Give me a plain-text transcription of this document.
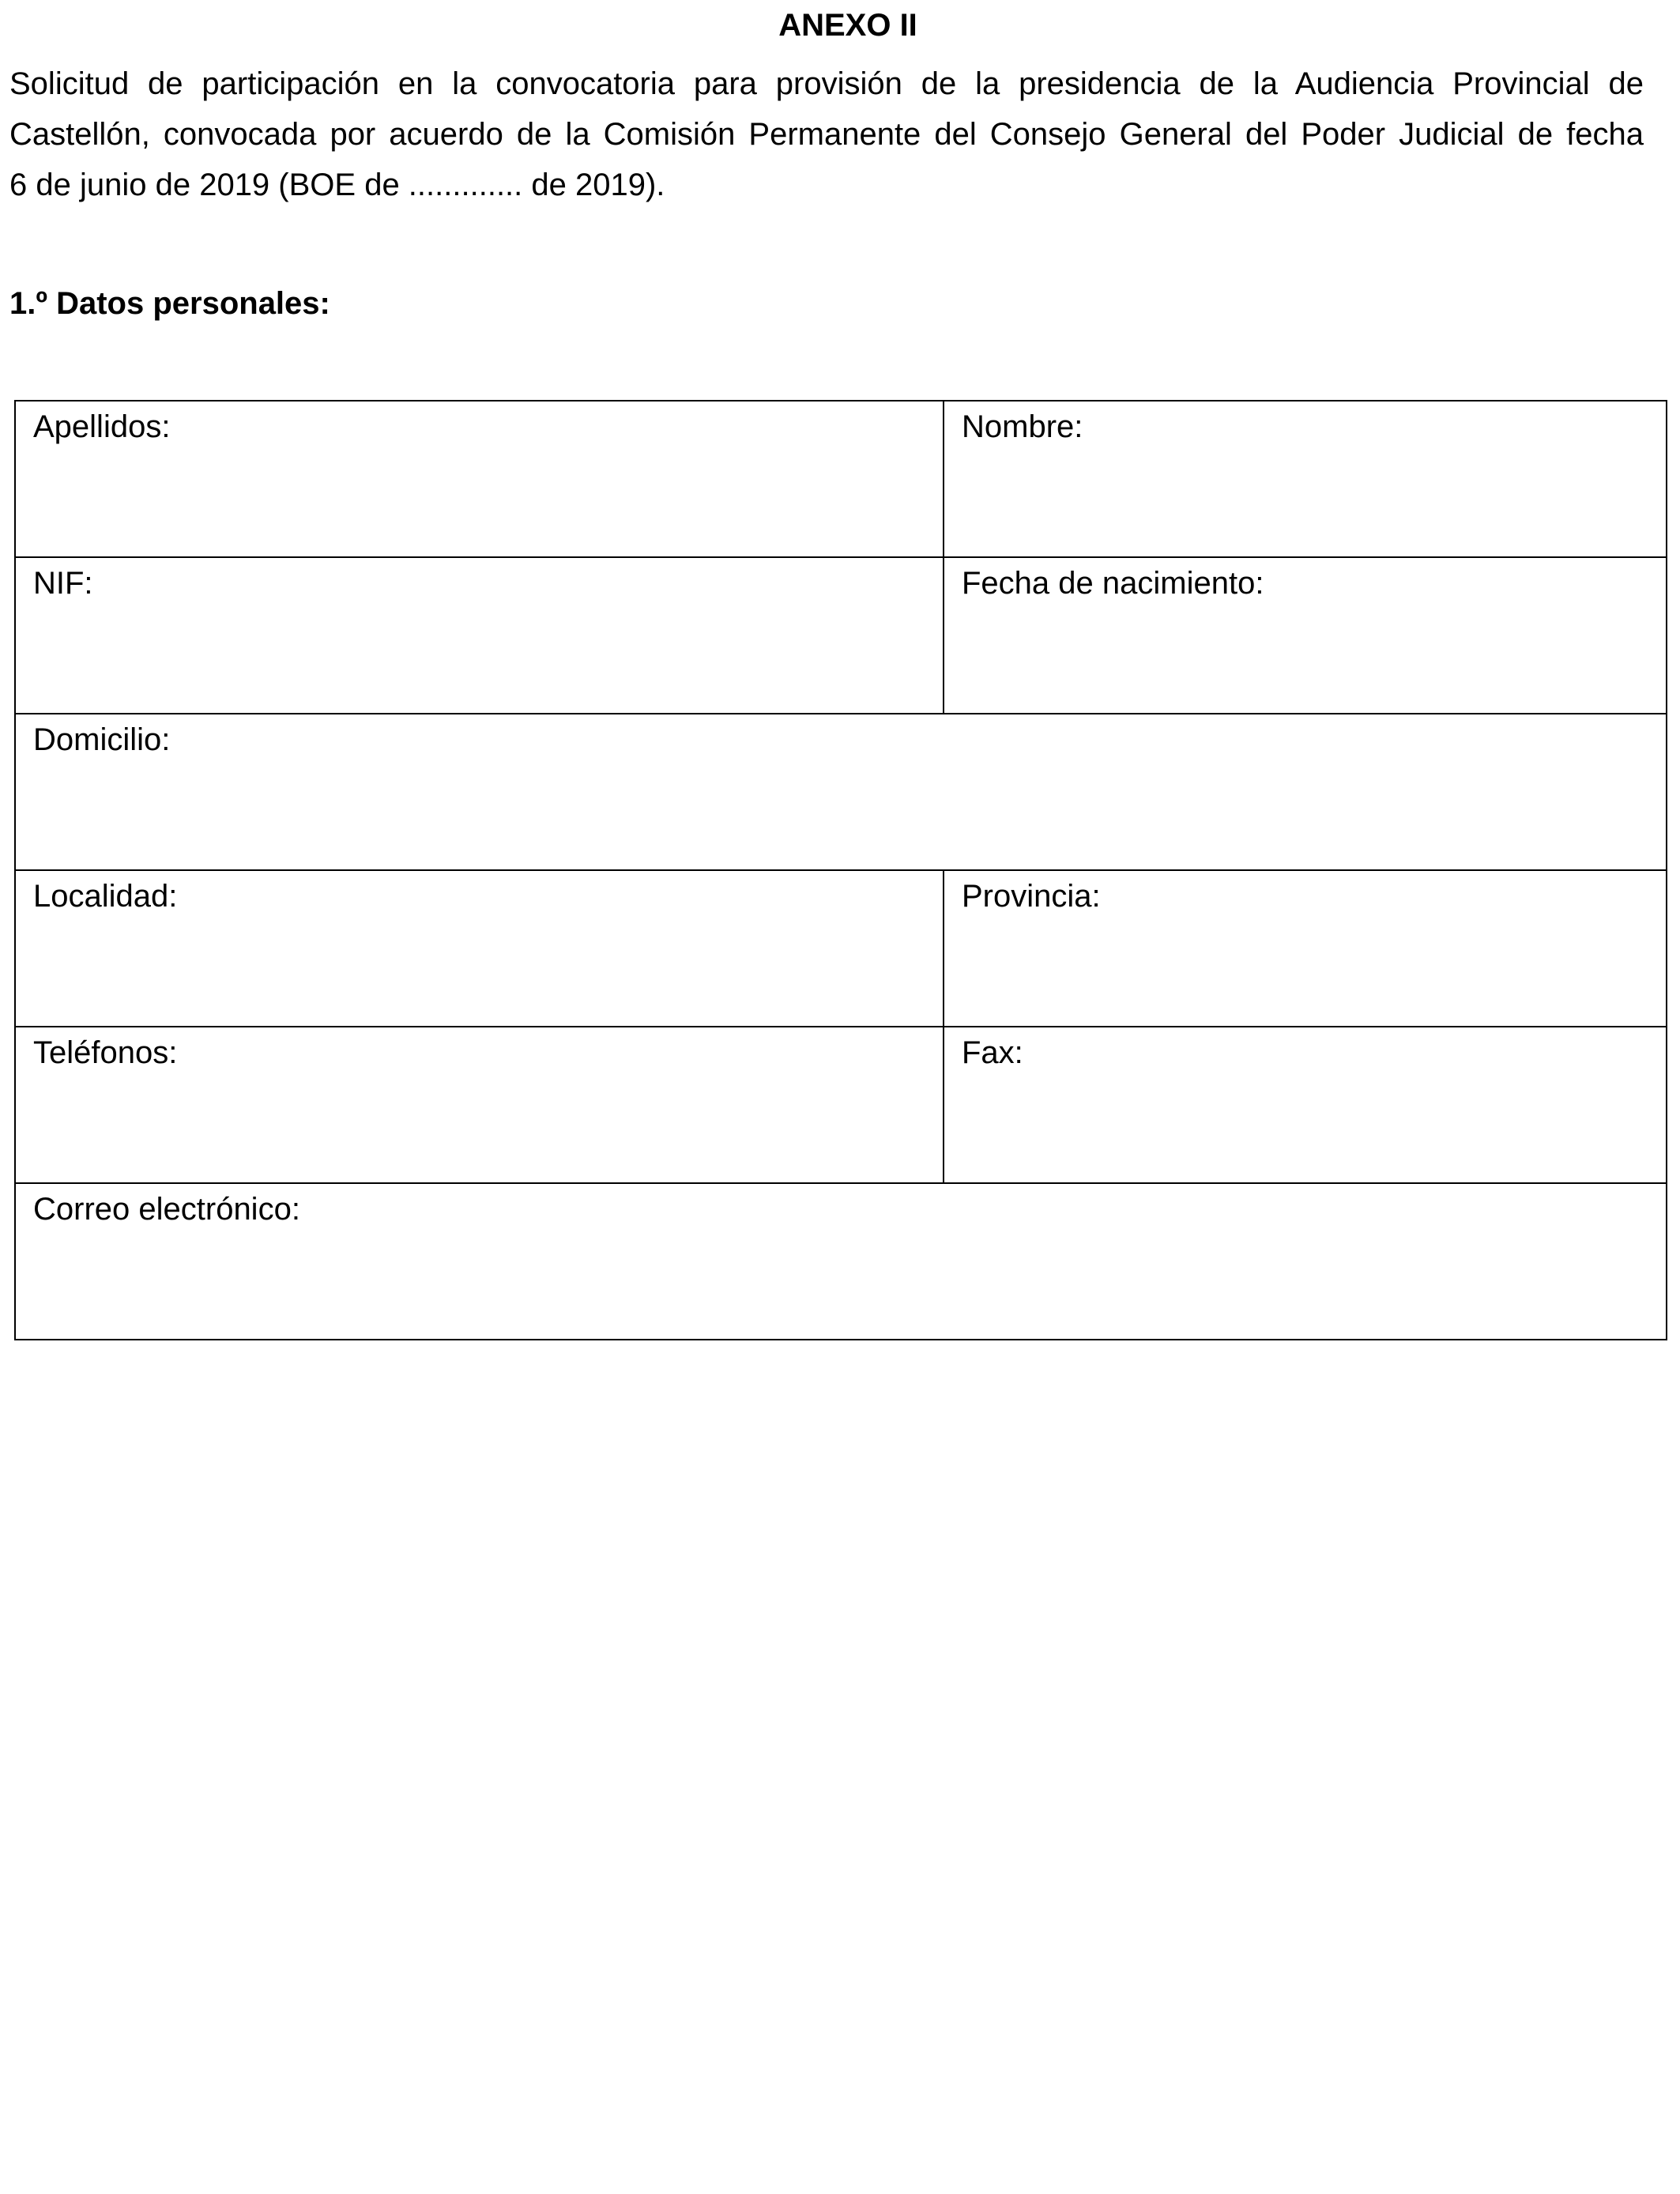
ANEXO II
Solicitud de participación en la convocatoria para provisión de la presidencia de la Audiencia Provincial de
Castellón, convocada por acuerdo de la Comisión Permanente del Consejo General del Poder Judicial de fecha
6 de junio de 2019 (BOE de ............. de 2019).
1.º Datos personales:
Apellidos:	Nombre:

NIF:	Fecha de nacimiento:

Domicilio:	

Localidad:	Provincia:

Teléfonos:	Fax:

Correo electrónico:	
